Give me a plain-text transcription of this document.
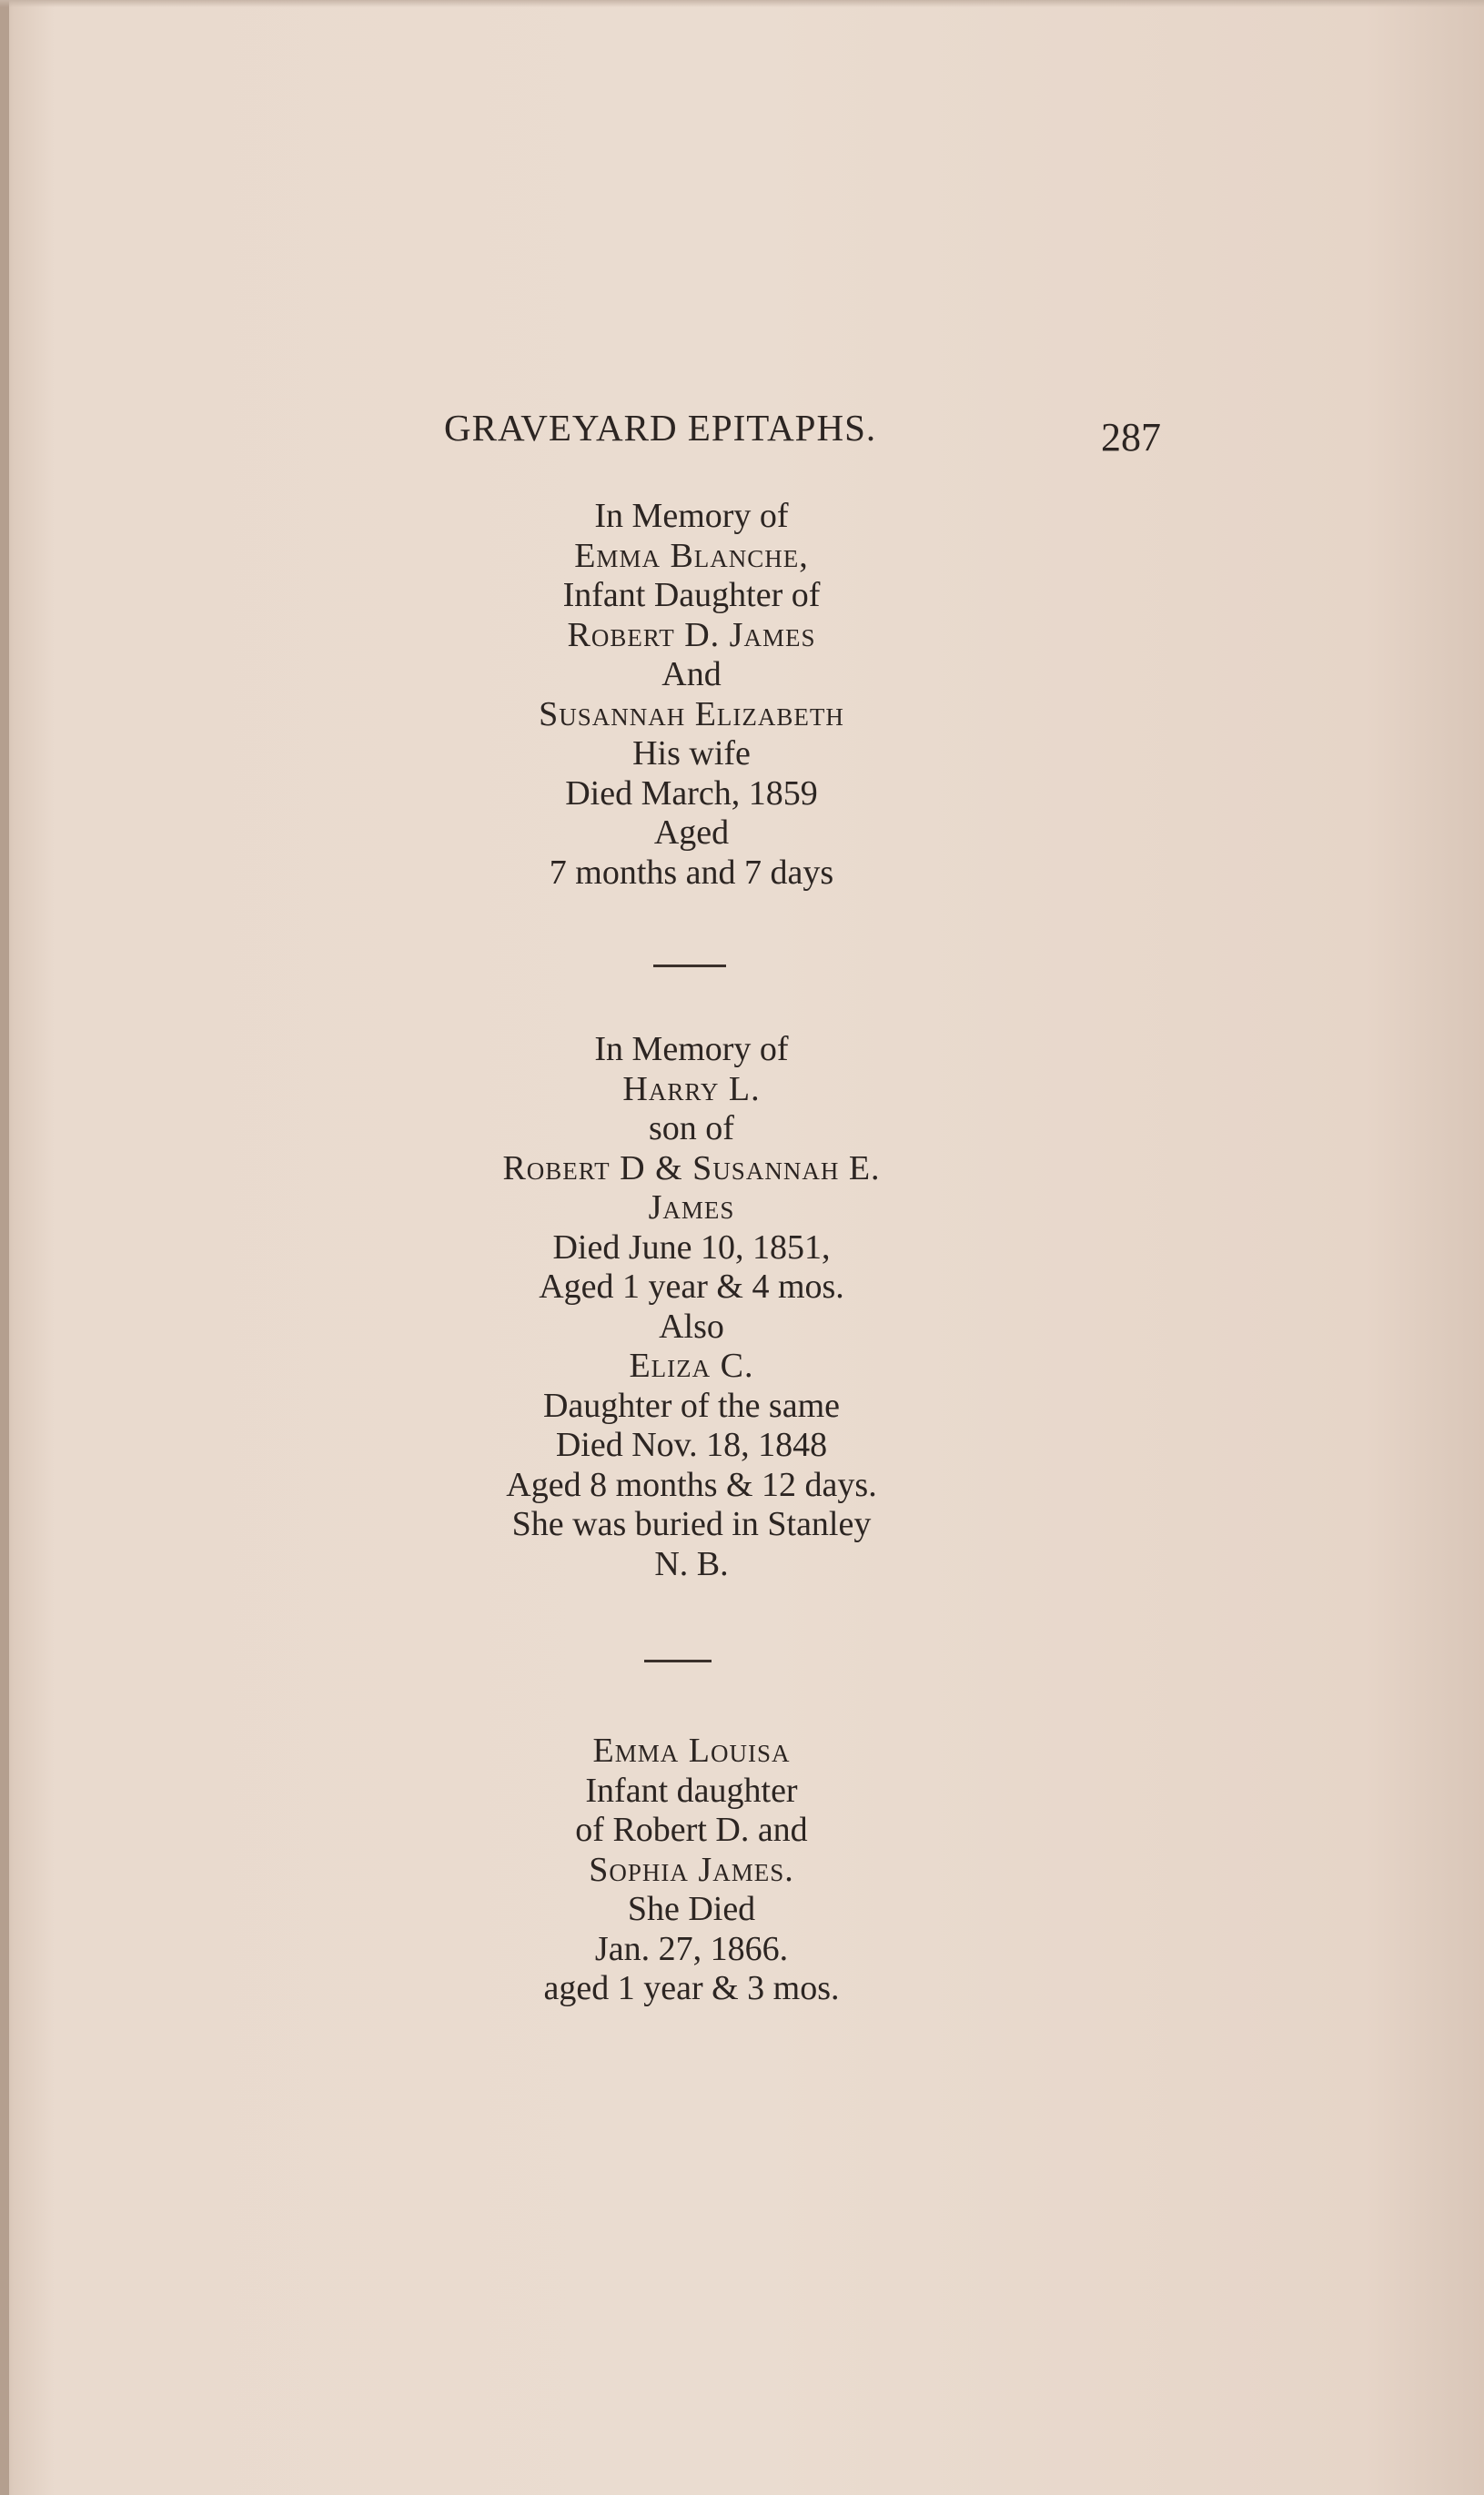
GRAVEYARD EPITAPHS.	287
In Memory of
Emma Blanche,
Infant Daughter of
Robert D. James
And
Susannah Elizabeth
His wife
Died March, 1859
Aged
7 months and 7 days
In Memory of
Harry L.
son of
Robert D & Susannah E.
James
Died June 10, 1851,
Aged 1 year & 4 mos.
Also
Eliza C.
Daughter of the same
Died Nov. 18, 1848
Aged 8 months & 12 days.
She was buried in Stanley
N. B.
Emma Louisa
Infant daughter
of Robert D. and
Sophia James.
She Died
Jan. 27, 1866.
aged 1 year & 3 mos.
